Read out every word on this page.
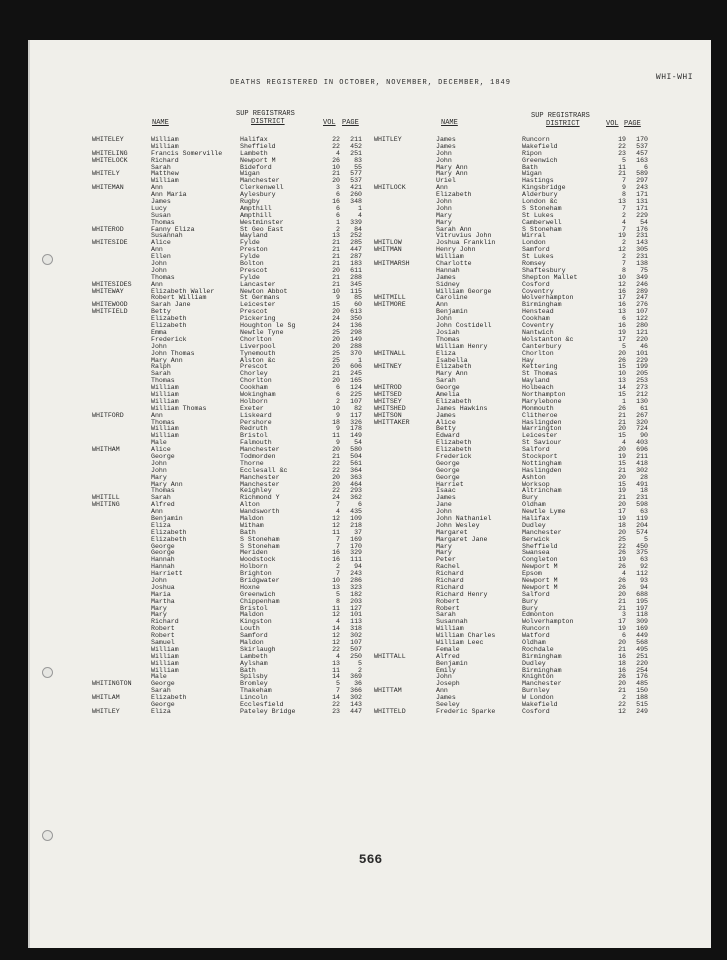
WHI-WHI
DEATHS REGISTERED IN OCTOBER, NOVEMBER, DECEMBER, 1849
NAME
SUP REGISTRARS
DISTRICT	VOL PAGE	NAME
SUP REGISTRARS
DISTRICT	VOL PAGE
WHITELEY	William	Halifax	22	211
William	Sheffield	22	452
WHITELING	Francis Somerville	Lambeth	4	251
WHITELOCK	Richard	Newport M	26	83
Sarah	Bideford	10	55
WHITELY	Matthew	Wigan	21	577
William	Manchester	20	537
WHITEMAN	Ann	Clerkenwell	3	421
Ann Maria	Aylesbury	6	260
James	Rugby	16	348
Lucy	Ampthill	6	1
Susan	Ampthill	6	4
Thomas	Westminster	1	339
WHITEROD	Fanny Eliza	St Geo East	2	84
Susannah	Wayland	13	252
WHITESIDE	Alice	Fylde	21	285
Ann	Preston	21	447
Ellen	Fylde	21	287
John	Bolton	21	183
John	Prescot	20	611
Thomas	Fylde	21	288
WHITESIDES	Ann	Lancaster	21	345
WHITEWAY	Elizabeth Waller	Newton Abbot	10	115
Robert William	St Germans	9	85
WHITEWOOD	Sarah Jane	Leicester	15	60
WHITFIELD	Betty	Prescot	20	613
Elizabeth	Pickering	24	350
Elizabeth	Houghton le Sg	24	136
Emma	Newtle Tyne	25	298
Frederick	Chorlton	20	149
John	Liverpool	20	288
John Thomas	Tynemouth	25	370
Mary Ann	Alston &c	25	1
Ralph	Prescot	20	606
Sarah	Chorley	21	245
Thomas	Chorlton	20	165
William	Cookham	6	124
William	Wokingham	6	225
William	Holborn	2	107
William Thomas	Exeter	10	82
WHITFORD	Ann	Liskeard	9	117
Thomas	Pershore	18	326
William	Redruth	9	178
William	Bristol	11	149
Male	Falmouth	9	54
WHITHAM	Alice	Manchester	20	580
George	Todmorden	21	504
John	Thorne	22	561
John	Ecclesall &c	22	364
Mary	Manchester	20	363
Mary Ann	Manchester	20	464
Thomas	Keighley	22	293
WHITILL	Sarah	Richmond Y	24	362
WHITING	Alfred	Alton	7	6
Ann	Wandsworth	4	435
Benjamin	Maldon	12	109
Eliza	Witham	12	218
Elizabeth	Bath	11	37
Elizabeth	S Stoneham	7	169
George	S Stoneham	7	170
George	Meriden	16	329
Hannah	Woodstock	16	111
Hannah	Holborn	2	94
Harriett	Brighton	7	243
John	Bridgwater	10	286
Joshua	Hoxne	13	323
Maria	Greenwich	5	182
Martha	Chippenham	8	203
Mary	Bristol	11	127
Mary	Maldon	12	101
Richard	Kingston	4	113
Robert	Louth	14	318
Robert	Samford	12	302
Samuel	Maldon	12	107
William	Skirlaugh	22	507
William	Lambeth	4	250
William	Aylsham	13	5
William	Bath	11	2
Male	Spilsby	14	369
WHITINGTON	George	Bromley	5	36
Sarah	Thakeham	7	366
WHITLAM	Elizabeth	Lincoln	14	302
George	Ecclesfield	22	143
WHITLEY	Eliza	Pateley Bridge	23	447
WHITLEY	James	Runcorn	19	170
James	Wakefield	22	537
John	Ripon	23	457
John	Greenwich	5	163
Mary Ann	Bath	11	6
Mary Ann	Wigan	21	589
Uriel	Hastings	7	297
WHITLOCK	Ann	Kingsbridge	9	243
Elizabeth	Alderbury	8	171
John	London &c	13	131
John	S Stoneham	7	171
Mary	St Lukes	2	229
Mary	Camberwell	4	54
Sarah Ann	S Stoneham	7	176
Vitruvius John	Wirral	19	231
WHITLOW	Joshua Franklin	London	2	143
WHITMAN	Henry John	Samford	12	305
William	St Lukes	2	231
WHITMARSH	Charlotte	Romsey	7	138
Hannah	Shaftesbury	8	75
James	Shepton Mallet	10	349
Sidney	Cosford	12	246
William George	Coventry	16	289
WHITMILL	Caroline	Wolverhampton	17	247
WHITMORE	Ann	Birmingham	16	276
Benjamin	Henstead	13	107
John	Cookham	6	122
John Costidell	Coventry	16	280
Josiah	Nantwich	19	121
Thomas	Wolstanton &c	17	220
William Henry	Canterbury	5	46
WHITNALL	Eliza	Chorlton	20	101
Isabella	Hay	26	229
WHITNEY	Elizabeth	Kettering	15	199
Mary Ann	St Thomas	10	205
Sarah	Wayland	13	253
WHITROD	George	Holbeach	14	273
WHITSED	Amelia	Northampton	15	212
WHITSEY	Elizabeth	Marylebone	1	130
WHITSHED	James Hawkins	Monmouth	26	61
WHITSON	James	Clitheroe	21	267
WHITTAKER	Alice	Haslingden	21	320
Betty	Warrington	20	724
Edward	Leicester	15	90
Elizabeth	St Saviour	4	403
Elizabeth	Salford	20	696
Frederick	Stockport	19	211
George	Nottingham	15	418
George	Haslingden	21	302
George	Ashton	20	28
Harriet	Worksop	15	491
Isaac	Altrincham	19	18
James	Bury	21	231
Jane	Oldham	20	598
John	Newtle Lyme	17	63
John Nathaniel	Halifax	19	119
John Wesley	Dudley	18	204
Margaret	Manchester	20	574
Margaret Jane	Berwick	25	5
Mary	Sheffield	22	450
Mary	Swansea	26	375
Peter	Congleton	19	63
Rachel	Newport M	26	92
Richard	Epsom	4	112
Richard	Newport M	26	93
Richard	Newport M	26	94
Richard Henry	Salford	20	688
Robert	Bury	21	195
Robert	Bury	21	197
Sarah	Edmonton	3	118
Susannah	Wolverhampton	17	309
William	Runcorn	19	169
William Charles	Watford	6	449
William Leec	Oldham	20	568
Female	Rochdale	21	495
WHITTALL	Alfred	Birmingham	16	251
Benjamin	Dudley	18	220
Emily	Birmingham	16	254
John	Knighton	26	176
Joseph	Manchester	20	485
WHITTAM	Ann	Burnley	21	150
James	W London	2	188
Seeley	Wakefield	22	515
WHITTELD	Frederic Sparke	Cosford	12	249
566
